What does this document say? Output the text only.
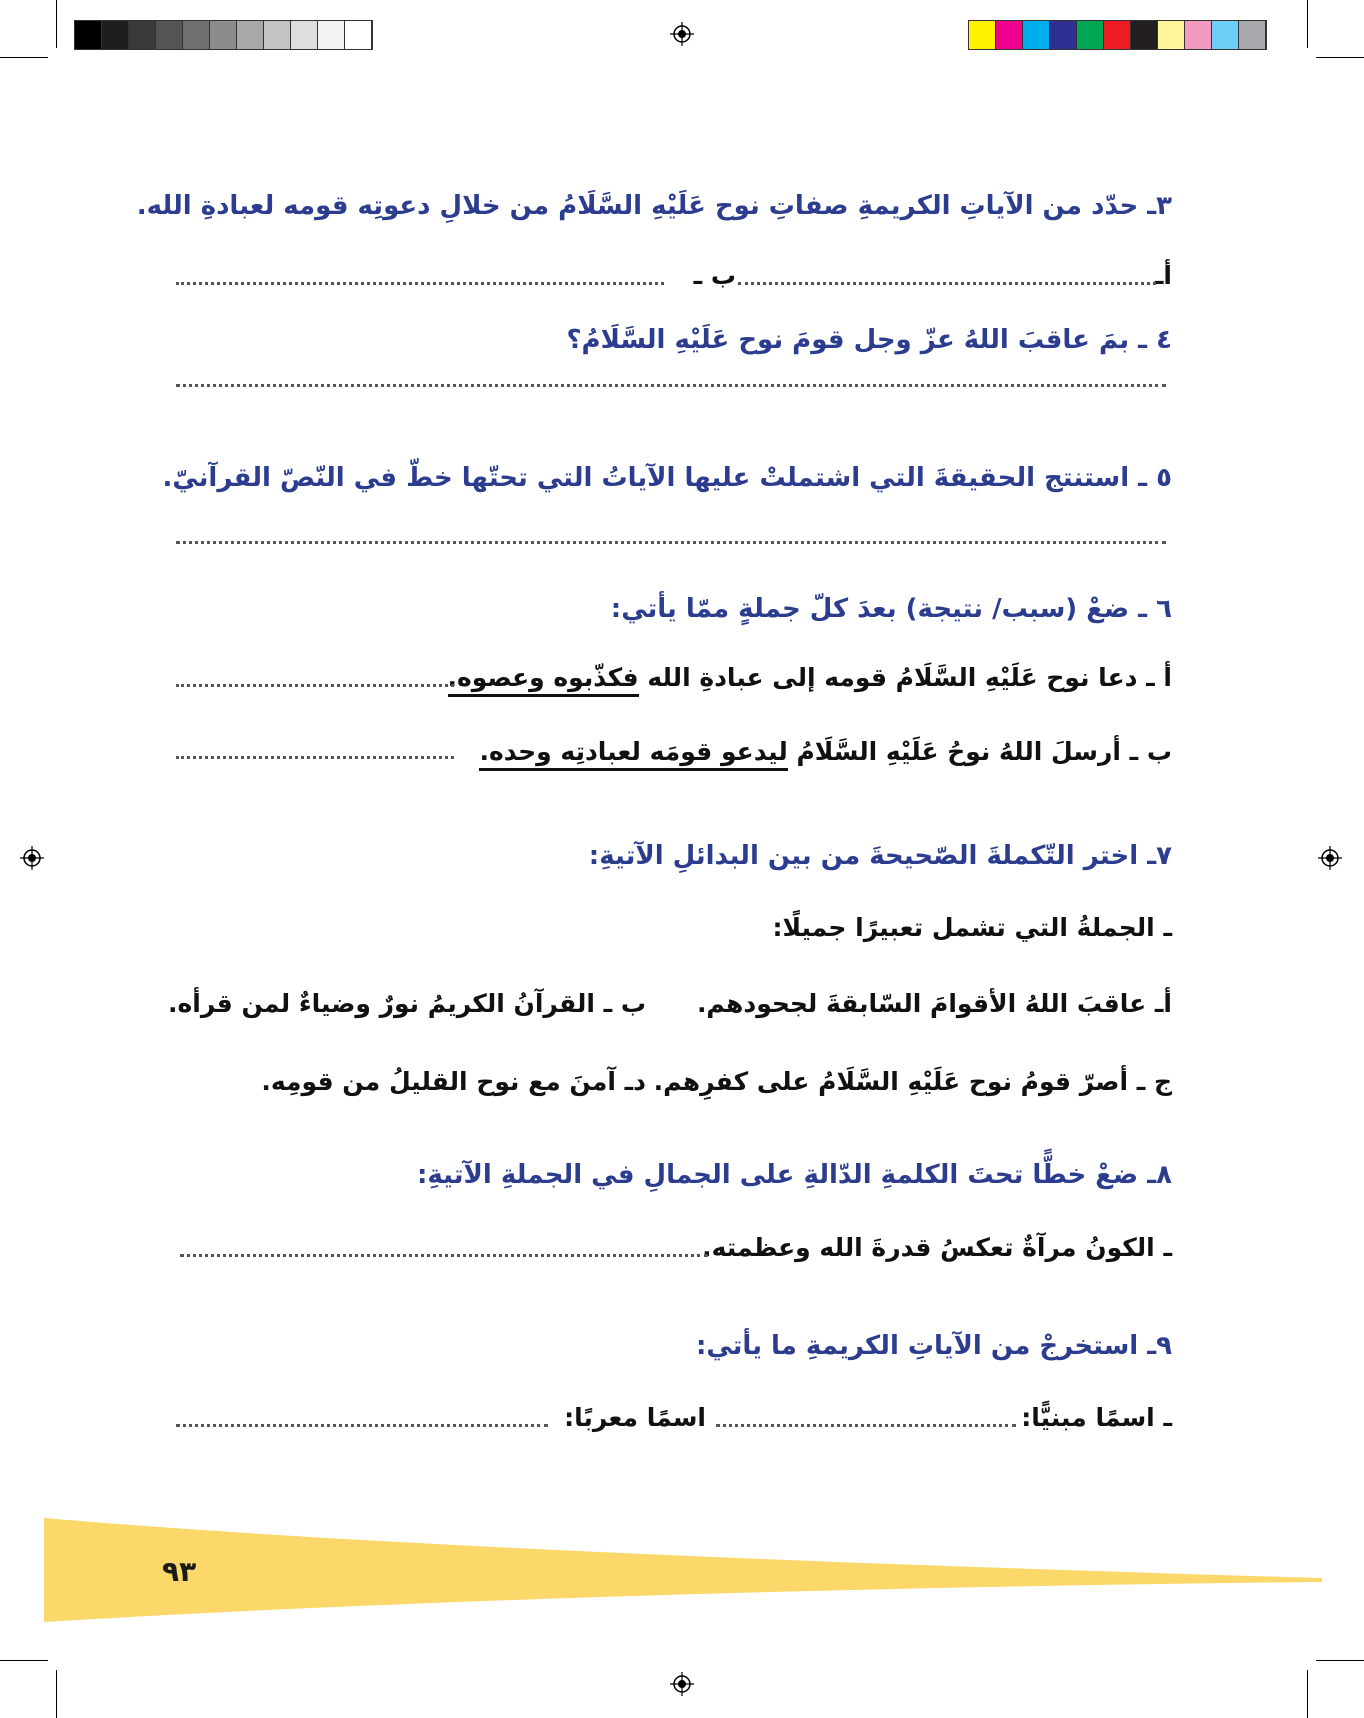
٣ـ حدّد من الآياتِ الكريمةِ صفاتِ نوح عَلَيْهِ السَّلَامُ من خلالِ دعوتِه قومه لعبادةِ الله.
أـ
ب ـ
٤ ـ بمَ عاقبَ اللهُ عزّ وجل قومَ نوح عَلَيْهِ السَّلَامُ؟
٥ ـ استنتج الحقيقةَ التي اشتملتْ عليها الآياتُ التي تحتّها خطّ في النّصّ القرآنيّ.
٦ ـ ضعْ (سبب/ نتيجة) بعدَ كلّ جملةٍ ممّا يأتي:
أ ـ دعا نوح عَلَيْهِ السَّلَامُ قومه إلى عبادةِ الله فكذّبوه وعصوه.
ب ـ أرسلَ اللهُ نوحُ عَلَيْهِ السَّلَامُ ليدعو قومَه لعبادتِه وحده.
٧ـ اختر التّكملةَ الصّحيحةَ من بين البدائلِ الآتيةِ:
ـ الجملةُ التي تشمل تعبيرًا جميلًا:
أـ عاقبَ اللهُ الأقوامَ السّابقةَ لجحودهم.
ب ـ القرآنُ الكريمُ نورٌ وضياءٌ لمن قرأه.
ج ـ أصرّ قومُ نوح عَلَيْهِ السَّلَامُ على كفرِهم.
دـ آمنَ مع نوح القليلُ من قومِه.
٨ـ ضعْ خطًّا تحتَ الكلمةِ الدّالةِ على الجمالِ في الجملةِ الآتيةِ:
ـ الكونُ مرآةٌ تعكسُ قدرةَ الله وعظمته.
٩ـ استخرجْ من الآياتِ الكريمةِ ما يأتي:
ـ اسمًا مبنيًّا:
اسمًا معربًا:
٩٣
